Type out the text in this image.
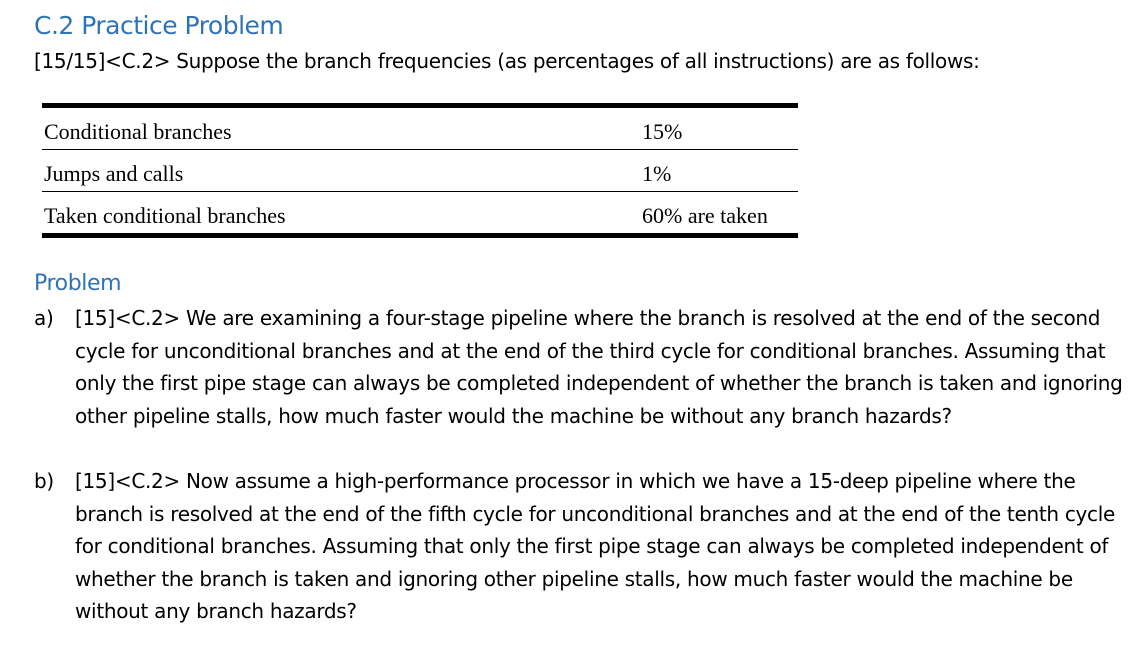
C.2 Practice Problem
[15/15]<C.2> Suppose the branch frequencies (as percentages of all instructions) are as follows:
Conditional branches	15%
Jumps and calls	1%
Taken conditional branches	60% are taken
Problem
a) [15]<C.2> We are examining a four-stage pipeline where the branch is resolved at the end of the second cycle for unconditional branches and at the end of the third cycle for conditional branches. Assuming that only the first pipe stage can always be completed independent of whether the branch is taken and ignoring other pipeline stalls, how much faster would the machine be without any branch hazards?
b) [15]<C.2> Now assume a high-performance processor in which we have a 15-deep pipeline where the branch is resolved at the end of the fifth cycle for unconditional branches and at the end of the tenth cycle for conditional branches. Assuming that only the first pipe stage can always be completed independent of whether the branch is taken and ignoring other pipeline stalls, how much faster would the machine be without any branch hazards?
